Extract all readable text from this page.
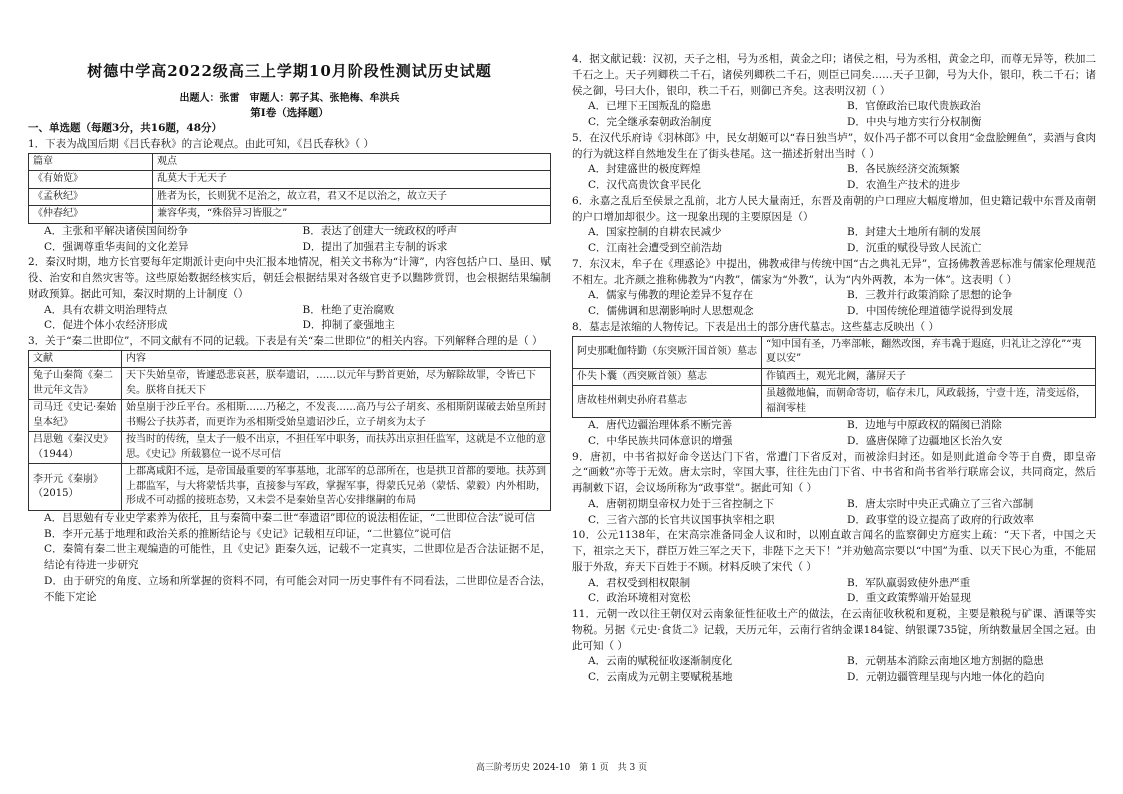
树德中学高2022级高三上学期10月阶段性测试历史试题
出题人：张雷　审题人：郭子其、张艳梅、牟洪兵
第Ⅰ卷（选择题）
一、单选题（每题3分，共16题，48分）

1．下表为战国后期《吕氏春秋》的言论观点。由此可知，《吕氏春秋》（ ）

篇章	观点
《有始览》	乱莫大于无天子
《孟秋纪》	胜者为长，长则犹不足治之，故立君，君又不足以治之，故立天子
《仲春纪》	兼容华夷，“殊俗异习皆服之”
A．主张和平解决诸侯国间纷争	B．表达了创建大一统政权的呼声
C．强调尊重华夷间的文化差异	D．提出了加强君主专制的诉求

2．秦汉时期，地方长官要每年定期派计吏向中央汇报本地情况，相关文书称为“计簿”，内容包括户口、垦田、赋役、治安和自然灾害等。这些原始数据经核实后，朝廷会根据结果对各级官吏予以黜陟赏罚，也会根据结果编制财政预算。据此可知，秦汉时期的上计制度（）

A．具有农耕文明治理特点	B．杜绝了吏治腐败
C．促进个体小农经济形成	D．抑制了豪强地主

3．关于“秦二世即位”，不同文献有不同的记载。下表是有关“秦二世即位”的相关内容。下列解释合理的是（ ）

文献	内容
兔子山秦简《秦二世元年文告》	天下失始皇帝，皆遽恐悲哀甚，朕奉遗诏，……以元年与黔首更始，尽为解除故罪，令皆已下矣。朕将自抚天下
司马迁《史记·秦始皇本纪》	始皇崩于沙丘平台。丞相斯……乃秘之，不发丧……高乃与公子胡亥、丞相斯阴谋破去始皇所封书赐公子扶苏者，而更诈为丞相斯受始皇遗诏沙丘，立子胡亥为太子
吕思勉《秦汉史》（1944）	按当时的传统，皇太子一般不出京，不担任军中职务，而扶苏出京担任监军，这就是不立他的意思。《史记》所载篡位一说不尽可信
李开元《秦崩》（2015）	上郡离咸阳不远，是帝国最重要的军事基地，北部军的总部所在，也是拱卫首都的要地。扶苏到上郡监军，与大将蒙恬共事，直接参与军政，掌握军事，得蒙氏兄弟（蒙恬、蒙毅）内外相助，形成不可动摇的接班态势，又未尝不是秦始皇苦心安排继嗣的布局

A．吕思勉有专业史学素养为依托，且与秦简中秦二世“奉遗诏”即位的说法相佐证，“二世即位合法”说可信

B．李开元基于地理和政治关系的推断结论与《史记》记载相互印证，“二世篡位”说可信

C．秦简有秦二世主观编造的可能性，且《史记》距秦久远，记载不一定真实，二世即位是否合法证据不足，结论有待进一步研究

D．由于研究的角度、立场和所掌握的资料不同，有可能会对同一历史事件有不同看法，二世即位是否合法，不能下定论

4．据文献记载：汉初，天子之相，号为丞相，黄金之印；诸侯之相，号为丞相，黄金之印，而尊无异等，秩加二千石之上。天子列卿秩二千石，诸侯列卿秩二千石，则臣已同矣……天子卫御，号为大仆，银印，秩二千石；诸侯之御，号曰大仆，银印，秩二千石，则御已齐矣。这表明汉初（ ）

A．已埋下王国叛乱的隐患	B．官僚政治已取代贵族政治
C．完全继承秦朝政治制度	D．中央与地方实行分权制衡

5．在汉代乐府诗《羽林郎》中，民女胡姬可以“春日独当垆”，奴仆冯子都不可以食用“金盘脍鲤鱼”，卖酒与食肉的行为就这样自然地发生在了街头巷尾。这一描述折射出当时（ ）

A．封建盛世的极度辉煌	B．各民族经济交流频繁
C．汉代高贵饮食平民化	D．农渔生产技术的进步

6．永嘉之乱后至侯景之乱前，北方人民大量南迁，东晋及南朝的户口理应大幅度增加，但史籍记载中东晋及南朝的户口增加却很少。这一现象出现的主要原因是（）

A．国家控制的自耕农民减少	B．封建大土地所有制的发展
C．江南社会遭受到空前浩劫	D．沉重的赋役导致人民流亡

7．东汉末，牟子在《理惑论》中提出，佛教戒律与传统中国“古之典礼无异”，宣扬佛教善恶标准与儒家伦理规范不相左。北齐颜之推称佛教为“内教”，儒家为“外教”，认为“内外两教，本为一体”。这表明（ ）

A．儒家与佛教的理论差异不复存在	B．三教并行政策消除了思想的论争
C．儒佛调和思潮影响时人思想观念	D．中国传统伦理道德学说得到发展

8．墓志是浓缩的人物传记。下表是出土的部分唐代墓志。这些墓志反映出（ ）

阿史那毗伽特勤（东突厥汗国首领）墓志	“知中国有圣，乃率部帐，翻然改图，弃韦毳于遐庭，归礼让之淳化”“夷夏以安”
仆失卜囊（西突厥首领）墓志	作镇西土，观光北阙，藩屏天子
唐故桂州刺史孙府君墓志	虽越微地偏，而朝命寄切，临存未几，风政载扬，宁壹十连，清变远俗，福润零桂
A．唐代边疆治理体系不断完善	B．边地与中原政权的隔阂已消除
C．中华民族共同体意识的增强	D．盛唐保障了边疆地区长治久安

9．唐初，中书省拟好命令送达门下省，常遭门下省反对，而被涂归封还。如是则此道命令等于自费，即皇帝之“画敕”亦等于无效。唐太宗时，宰国大事，往往先由门下省、中书省和尚书省举行联席会议，共同商定，然后再制敕下诏，会议场所称为“政事堂”。据此可知（ ）

A．唐朝初期皇帝权力处于三省控制之下	B．唐太宗时中央正式确立了三省六部制
C．三省六部的长官共议国事执宰相之职	D．政事堂的设立提高了政府的行政效率

10．公元1138年，在宋高宗准备同金人议和时，以刚直敢言闻名的监察御史方庭实上疏：“天下者，中国之天下，祖宗之天下，群臣万姓三军之天下，非陛下之天下！”并劝勉高宗要以“中国”为重、以天下民心为重，不能屈服于外敌，弃天下百姓于不顾。材料反映了宋代（ ）

A．君权受到相权限制	B．军队羸弱致使外患严重
C．政治环境相对宽松	D．重文政策弊端开始显现

11．元朝一改以往王朝仅对云南象征性征收土产的做法，在云南征收秋税和夏税，主要是粮税与矿课、酒课等实物税。另据《元史·食货二》记载，天历元年，云南行省纳金课184锭、纳银课735锭，所纳数量居全国之冠。由此可知（ ）

A．云南的赋税征收逐渐制度化	B．元朝基本消除云南地区地方割据的隐患
C．云南成为元朝主要赋税基地	D．元朝边疆管理呈现与内地一体化的趋向
高三阶考历史 2024-10　第 1 页　共 3 页
